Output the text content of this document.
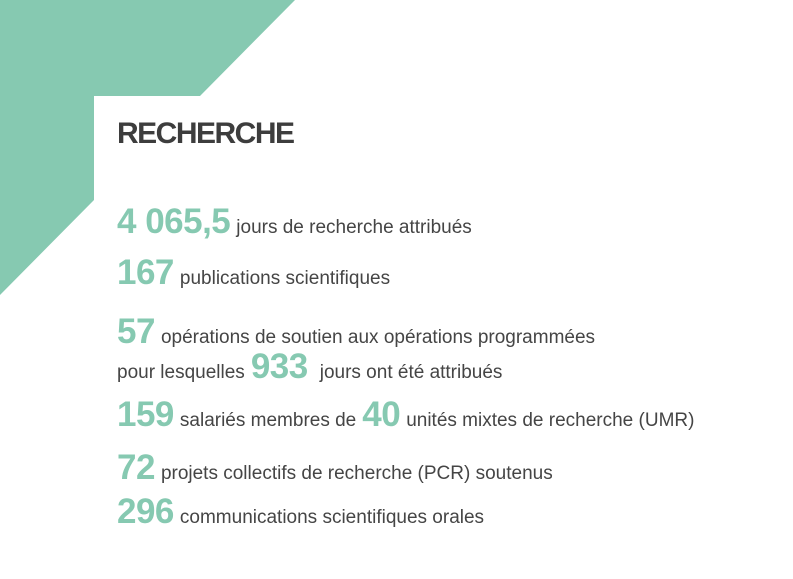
RECHERCHE

4 065,5 jours de recherche attribués

167 publications scientifiques

57 opérations de soutien aux opérations programmées

pour lesquelles 933 jours ont été attribués

159 salariés membres de 40 unités mixtes de recherche (UMR)

72 projets collectifs de recherche (PCR) soutenus

296 communications scientifiques orales
